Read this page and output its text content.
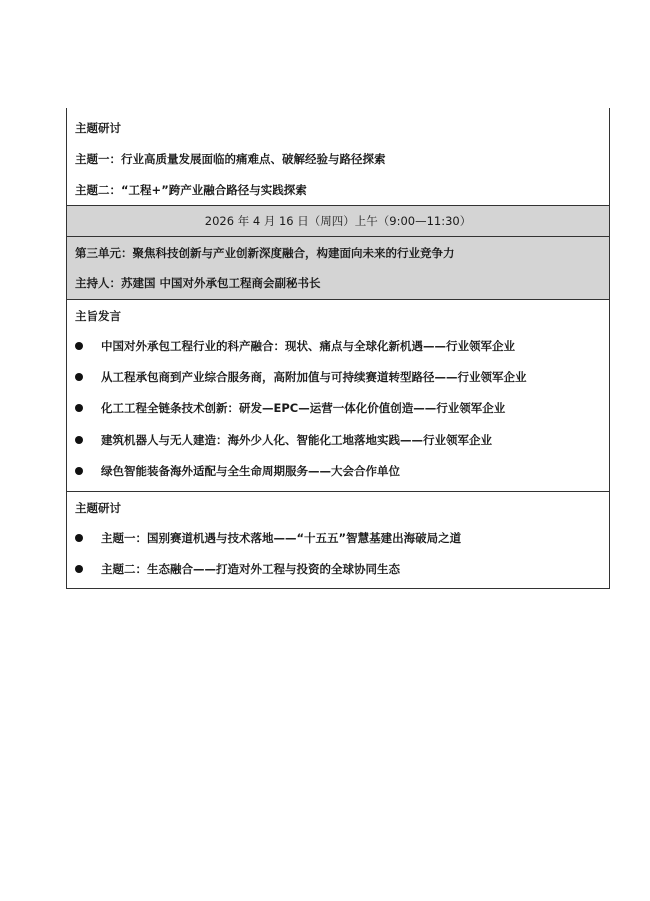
主题研讨
主题一：行业高质量发展面临的痛难点、破解经验与路径探索
主题二：“工程+”跨产业融合路径与实践探索
2026 年 4 月 16 日（周四）上午（9:00—11:30）
第三单元：聚焦科技创新与产业创新深度融合，构建面向未来的行业竞争力
主持人：苏建国 中国对外承包工程商会副秘书长
主旨发言
中国对外承包工程行业的科产融合：现状、痛点与全球化新机遇——行业领军企业
从工程承包商到产业综合服务商，高附加值与可持续赛道转型路径——行业领军企业
化工工程全链条技术创新：研发—EPC—运营一体化价值创造——行业领军企业
建筑机器人与无人建造：海外少人化、智能化工地落地实践——行业领军企业
绿色智能装备海外适配与全生命周期服务——大会合作单位
主题研讨
主题一：国别赛道机遇与技术落地——“十五五”智慧基建出海破局之道
主题二：生态融合——打造对外工程与投资的全球协同生态
